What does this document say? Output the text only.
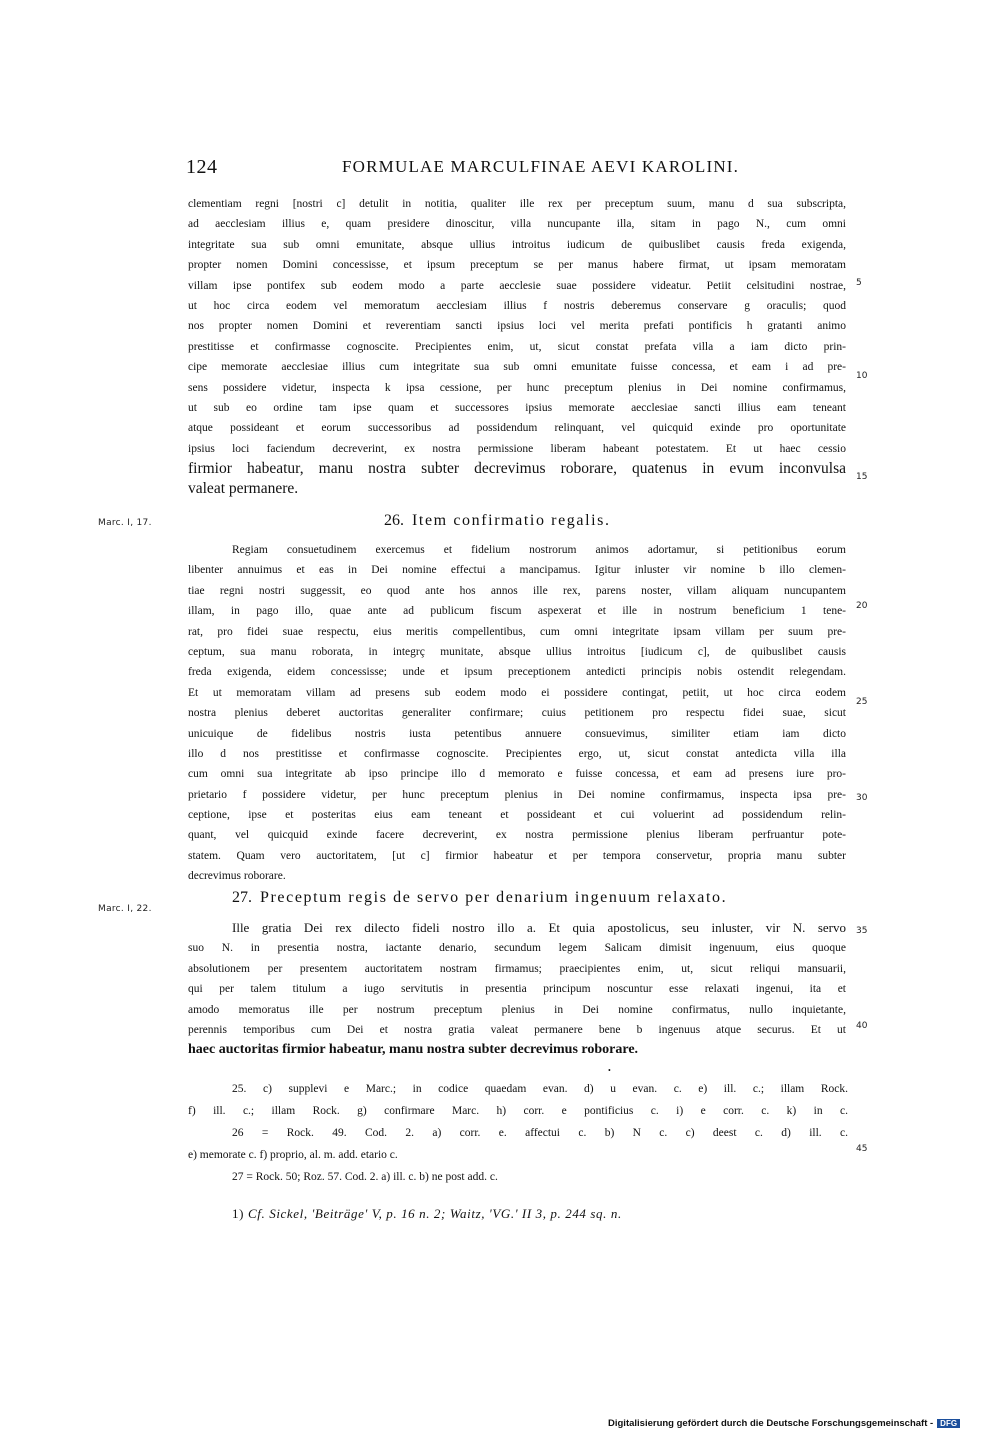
124	FORMULAE MARCULFINAE AEVI KAROLINI.
clementiam regni [nostri c] detulit in notitia, qualiter ille rex per preceptum suum, manu d sua subscripta,
ad aecclesiam illius e, quam presidere dinoscitur, villa nuncupante illa, sitam in pago N., cum omni
integritate sua sub omni emunitate, absque ullius introitus iudicum de quibuslibet causis freda exigenda,
propter nomen Domini concessisse, et ipsum preceptum se per manus habere firmat, ut ipsam memoratam
villam ipse pontifex sub eodem modo a parte aecclesie suae possidere videatur. Petiit celsitudini nostrae,
ut hoc circa eodem vel memoratum aecclesiam illius f nostris deberemus conservare g oraculis; quod
nos propter nomen Domini et reverentiam sancti ipsius loci vel merita prefati pontificis h gratanti animo
prestitisse et confirmasse cognoscite. Precipientes enim, ut, sicut constat prefata villa a iam dicto prin-
cipe memorate aecclesiae illius cum integritate sua sub omni emunitate fuisse concessa, et eam i ad pre-
sens possidere videtur, inspecta k ipsa cessione, per hunc preceptum plenius in Dei nomine confirmamus,
ut sub eo ordine tam ipse quam et successores ipsius memorate aecclesiae sancti illius eam teneant
atque possideant et eorum successoribus ad possidendum relinquant, vel quicquid exinde pro oportunitate
ipsius loci faciendum decreverint, ex nostra permissione liberam habeant potestatem. Et ut haec cessio
firmior habeatur, manu nostra subter decrevimus roborare, quatenus in evum inconvulsa
valeat permanere.
Marc. I, 17.	26. Item confirmatio regalis.
Regiam consuetudinem exercemus et fidelium nostrorum animos adortamur, si petitionibus eorum
libenter annuimus et eas in Dei nomine effectui a mancipamus. Igitur inluster vir nomine b illo clemen-
tiae regni nostri suggessit, eo quod ante hos annos ille rex, parens noster, villam aliquam nuncupantem
illam, in pago illo, quae ante ad publicum fiscum aspexerat et ille in nostrum beneficium 1 tene-
rat, pro fidei suae respectu, eius meritis compellentibus, cum omni integritate ipsam villam per suum pre-
ceptum, sua manu roborata, in integrç munitate, absque ullius introitus [iudicum c], de quibuslibet causis
freda exigenda, eidem concessisse; unde et ipsum preceptionem antedicti principis nobis ostendit relegendam.
Et ut memoratam villam ad presens sub eodem modo ei possidere contingat, petiit, ut hoc circa eodem
nostra plenius deberet auctoritas generaliter confirmare; cuius petitionem pro respectu fidei suae, sicut
unicuique de fidelibus nostris iusta petentibus annuere consuevimus, similiter etiam iam dicto
illo d nos prestitisse et confirmasse cognoscite. Precipientes ergo, ut, sicut constat antedicta villa illa
cum omni sua integritate ab ipso principe illo d memorato e fuisse concessa, et eam ad presens iure pro-
prietario f possidere videtur, per hunc preceptum plenius in Dei nomine confirmamus, inspecta ipsa pre-
ceptione, ipse et posteritas eius eam teneant et possideant et cui voluerint ad possidendum relin-
quant, vel quicquid exinde facere decreverint, ex nostra permissione plenius liberam perfruantur pote-
statem. Quam vero auctoritatem, [ut c] firmior habeatur et per tempora conservetur, propria manu subter
decrevimus roborare.
Marc. I, 22.
27. Preceptum regis de servo per denarium ingenuum relaxato.
Ille gratia Dei rex dilecto fideli nostro illo a. Et quia apostolicus, seu inluster, vir N. servo
suo N. in presentia nostra, iactante denario, secundum legem Salicam dimisit ingenuum, eius quoque
absolutionem per presentem auctoritatem nostram firmamus; praecipientes enim, ut, sicut reliqui mansuarii,
qui per talem titulum a iugo servitutis in presentia principum noscuntur esse relaxati ingenui, ita et
amodo memoratus ille per nostrum preceptum plenius in Dei nomine confirmatus, nullo inquietante,
perennis temporibus cum Dei et nostra gratia valeat permanere bene b ingenuus atque securus. Et ut
haec auctoritas firmior habeatur, manu nostra subter decrevimus roborare.
5
10
15
20
25
30
35
40
45
•
25. c) supplevi e Marc.; in codice quaedam evan. d) u evan. c. e) ill. c.; illam Rock.
f) ill. c.; illam Rock. g) confirmare Marc. h) corr. e pontificius c. i) e corr. c. k) in c.
26 = Rock. 49. Cod. 2. a) corr. e. affectui c. b) N c. c) deest c. d) ill. c.
e) memorate c. f) proprio, al. m. add. etario c.
27 = Rock. 50; Roz. 57. Cod. 2. a) ill. c. b) ne post add. c.
1) Cf. Sickel, 'Beiträge' V, p. 16 n. 2; Waitz, 'VG.' II 3, p. 244 sq. n.
Digitalisierung gefördert durch die Deutsche Forschungsgemeinschaft - DFG
